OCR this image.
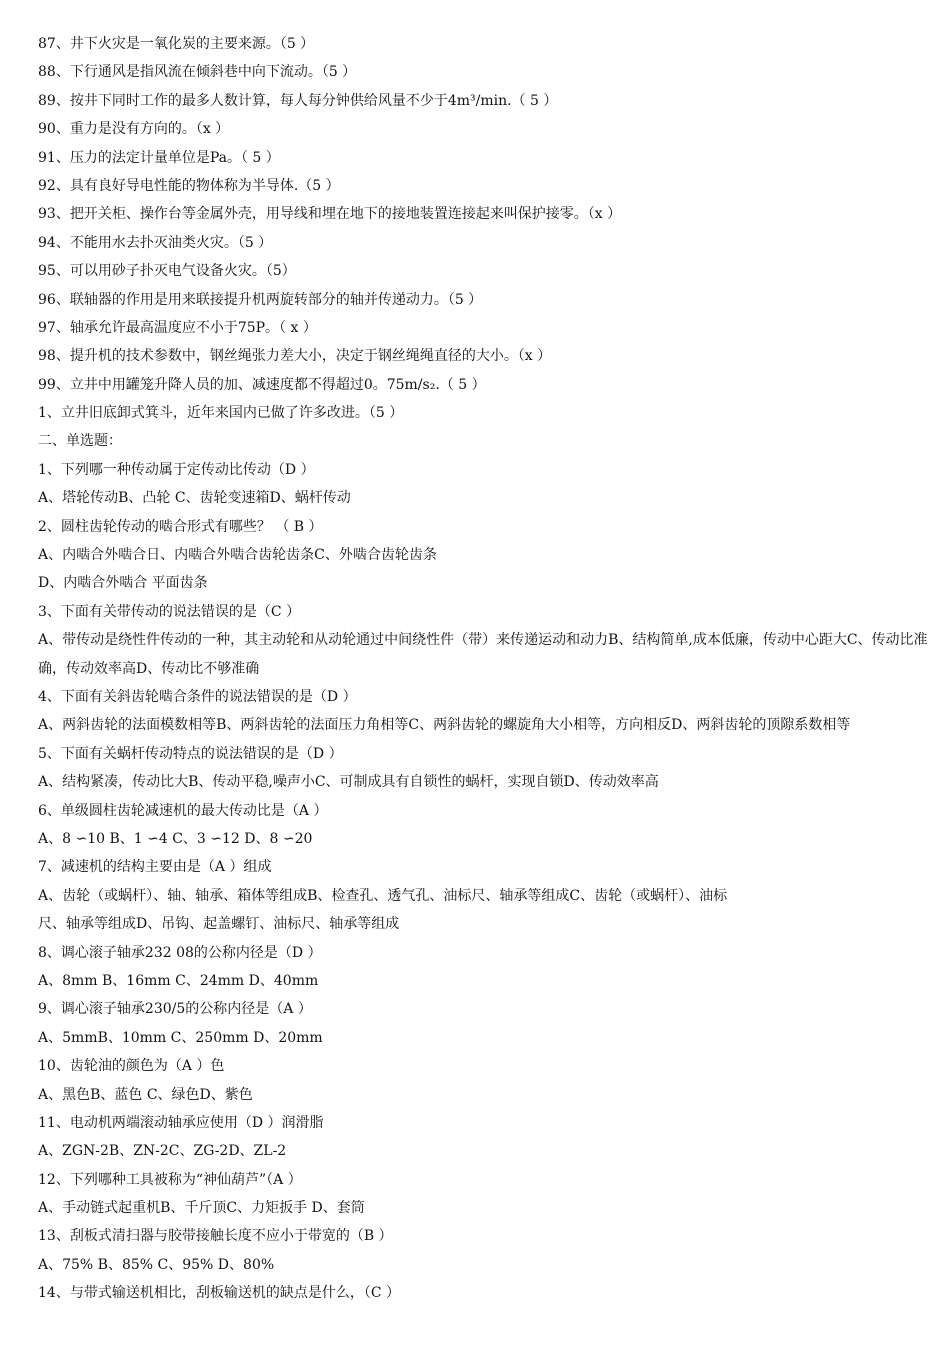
87、井下火灾是一氧化炭的主要来源。（5 ）
88、下行通风是指风流在倾斜巷中向下流动。（5 ）
89、按井下同时工作的最多人数计算，每人每分钟供给风量不少于4m³/min.（ 5 ）
90、重力是没有方向的。（x ）
91、压力的法定计量单位是Pa。（ 5 ）
92、具有良好导电性能的物体称为半导体.（5 ）
93、把开关柜、操作台等金属外壳，用导线和埋在地下的接地装置连接起来叫保护接零。（x ）
94、不能用水去扑灭油类火灾。（5 ）
95、可以用砂子扑灭电气设备火灾。（5）
96、联轴器的作用是用来联接提升机两旋转部分的轴并传递动力。（5 ）
97、轴承允许最高温度应不小于75P。（ x ）
98、提升机的技术参数中，钢丝绳张力差大小，决定于钢丝绳绳直径的大小。（x ）
99、立井中用罐笼升降人员的加、减速度都不得超过0。75m/s₂.（ 5 ）
1、立井旧底卸式箕斗，近年来国内已做了许多改进。（5 ）
二、单选题：
1、下列哪一种传动属于定传动比传动（D ）
A、塔轮传动B、凸轮 C、齿轮变速箱D、蜗杆传动
2、圆柱齿轮传动的啮合形式有哪些？ （ B ）
A、内啮合外啮合日、内啮合外啮合齿轮齿条C、外啮合齿轮齿条
D、内啮合外啮合 平面齿条
3、下面有关带传动的说法错误的是（C ）
A、带传动是绕性件传动的一种，其主动轮和从动轮通过中间绕性件（带）来传递运动和动力B、结构简单,成本低廉，传动中心距大C、传动比准确，传动效率高D、传动比不够准确
4、下面有关斜齿轮啮合条件的说法错误的是（D ）
A、两斜齿轮的法面模数相等B、两斜齿轮的法面压力角相等C、两斜齿轮的螺旋角大小相等，方向相反D、两斜齿轮的顶隙系数相等
5、下面有关蜗杆传动特点的说法错误的是（D ）
A、结构紧凑，传动比大B、传动平稳,噪声小C、可制成具有自锁性的蜗杆，实现自锁D、传动效率高
6、单级圆柱齿轮减速机的最大传动比是（A ）
A、8 ∽10 B、1 ∽4 C、3 ∽12 D、8 ∽20
7、减速机的结构主要由是（A ）组成
A、齿轮（或蜗杆）、轴、轴承、箱体等组成B、检查孔、透气孔、油标尺、轴承等组成C、齿轮（或蜗杆）、油标
尺、轴承等组成D、吊钩、起盖螺钉、油标尺、轴承等组成
8、调心滚子轴承232 08的公称内径是（D ）
A、8mm B、16mm C、24mm D、40mm
9、调心滚子轴承230/5的公称内径是（A ）
A、5mmB、10mm C、250mm D、20mm
10、齿轮油的颜色为（A ）色
A、黑色B、蓝色 C、绿色D、紫色
11、电动机两端滚动轴承应使用（D ）润滑脂
A、ZGN-2B、ZN-2C、ZG-2D、ZL-2
12、下列哪种工具被称为“神仙葫芦”（A ）
A、手动链式起重机B、千斤顶C、力矩扳手 D、套筒
13、刮板式清扫器与胶带接触长度不应小于带宽的（B ）
A、75% B、85% C、95% D、80%
14、与带式输送机相比，刮板输送机的缺点是什么，（C ）
